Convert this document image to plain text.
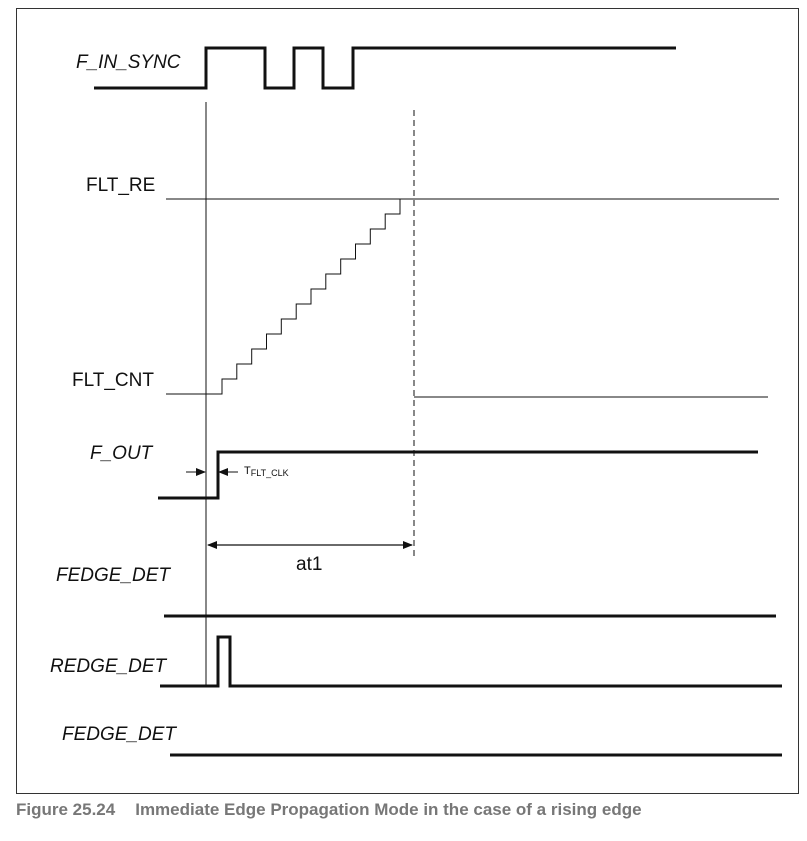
F_IN_SYNC
FLT_RE
FLT_CNT
F_OUT
FEDGE_DET
REDGE_DET
FEDGE_DET
TFLT_CLK
at1
Figure 25.24 Immediate Edge Propagation Mode in the case of a rising edge
